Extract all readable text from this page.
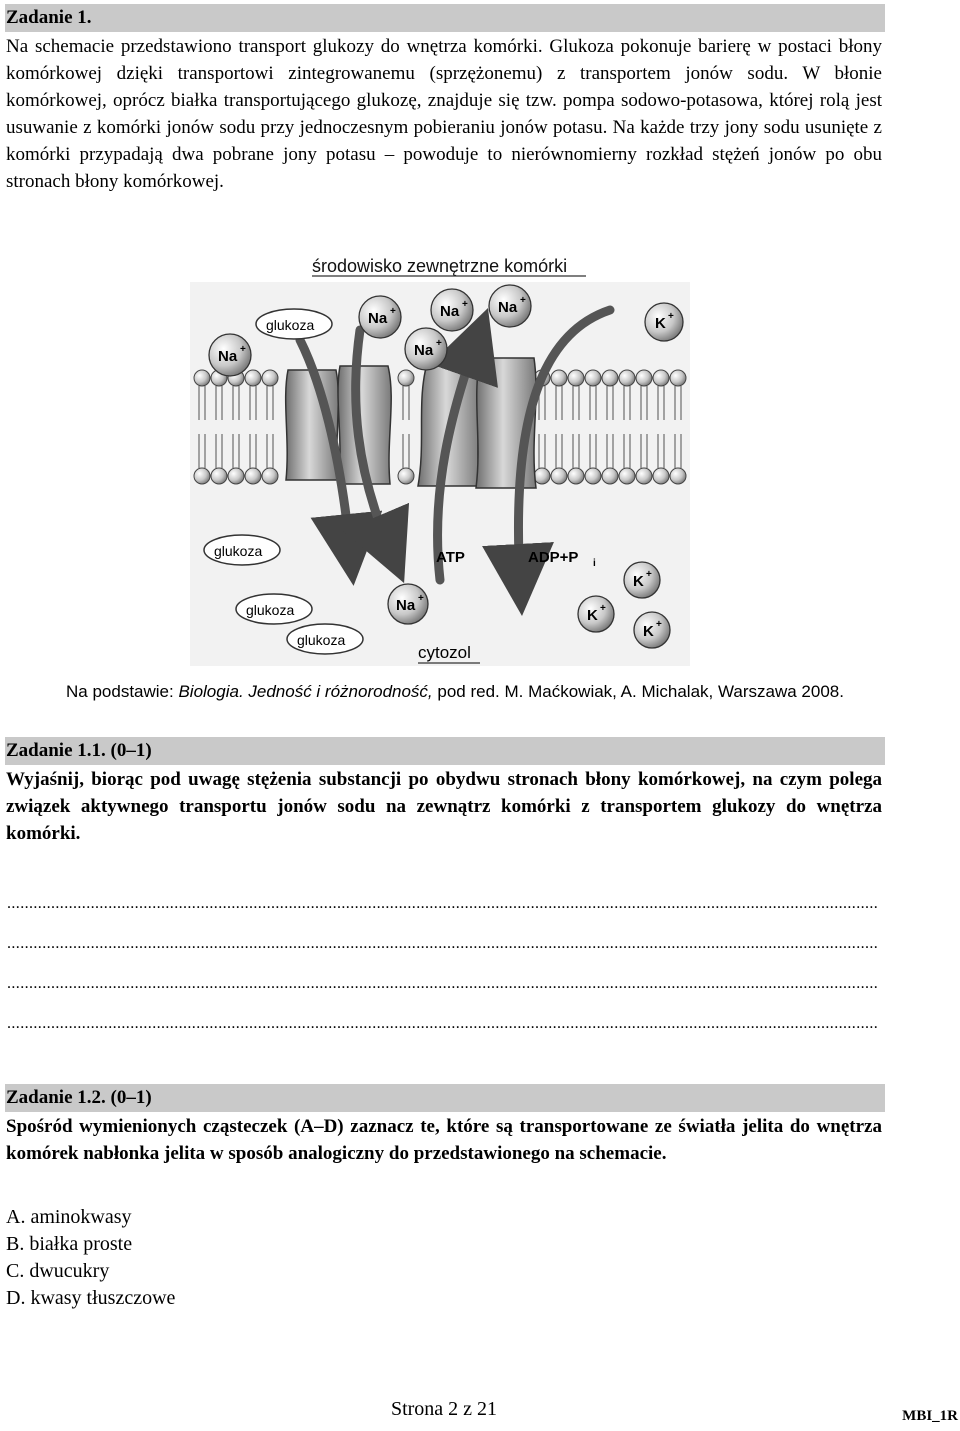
Zadanie 1.

Na schemacie przedstawiono transport glukozy do wnętrza komórki. Glukoza pokonuje barierę w postaci błony komórkowej dzięki transportowi zintegrowanemu (sprzężonemu) z transportem jonów sodu. W błonie komórkowej, oprócz białka transportującego glukozę, znajduje się tzw. pompa sodowo-potasowa, której rolą jest usuwanie z komórki jonów sodu przy jednoczesnym pobieraniu jonów potasu. Na każde trzy jony sodu usunięte z komórki przypadają dwa pobrane jony potasu – powoduje to nierównomierny rozkład stężeń jonów po obu stronach błony komórkowej.

środowisko zewnętrzne komórki
Na +
Na +	Na + Na +
Na +
K +
glukoza
glukoza
glukoza
glukoza
Na +
K +
K +
K +
ATP	ADP+P i
cytozol
Na podstawie: Biologia. Jedność i różnorodność, pod red. M. Maćkowiak, A. Michalak, Warszawa 2008.
Zadanie 1.1. (0–1)

Wyjaśnij, biorąc pod uwagę stężenia substancji po obydwu stronach błony komórkowej, na czym polega związek aktywnego transportu jonów sodu na zewnątrz komórki z transportem glukozy do wnętrza komórki.

......................................................................................................................................................................................................
......................................................................................................................................................................................................
......................................................................................................................................................................................................
......................................................................................................................................................................................................
Zadanie 1.2. (0–1)

Spośród wymienionych cząsteczek (A–D) zaznacz te, które są transportowane ze światła jelita do wnętrza komórek nabłonka jelita w sposób analogiczny do przedstawionego na schemacie.

A. aminokwasy
B. białka proste
C. dwucukry
D. kwasy tłuszczowe
Strona 2 z 21	MBI_1R
